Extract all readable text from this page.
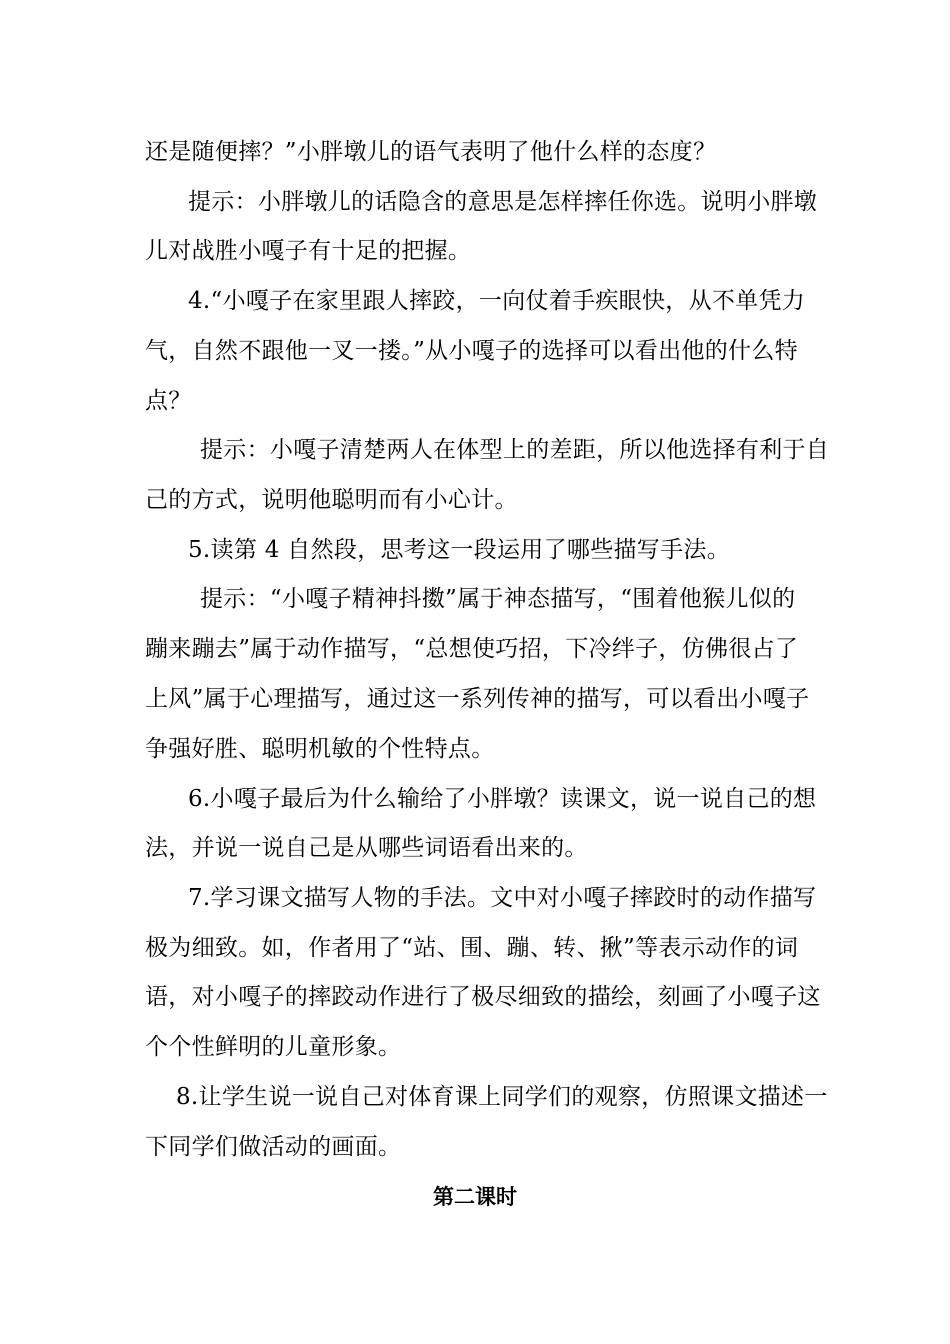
还是随便摔？”小胖墩儿的语气表明了他什么样的态度？
提示：小胖墩儿的话隐含的意思是怎样摔任你选。说明小胖墩
儿对战胜小嘎子有十足的把握。
4.“小嘎子在家里跟人摔跤，一向仗着手疾眼快，从不单凭力
气，自然不跟他一叉一搂。”从小嘎子的选择可以看出他的什么特
点？
提示：小嘎子清楚两人在体型上的差距，所以他选择有利于自
己的方式，说明他聪明而有小心计。
5.读第 4 自然段，思考这一段运用了哪些描写手法。
提示：“小嘎子精神抖擞”属于神态描写，“围着他猴儿似的
蹦来蹦去”属于动作描写，“总想使巧招，下冷绊子，仿佛很占了
上风”属于心理描写，通过这一系列传神的描写，可以看出小嘎子
争强好胜、聪明机敏的个性特点。
6.小嘎子最后为什么输给了小胖墩？读课文，说一说自己的想
法，并说一说自己是从哪些词语看出来的。
7.学习课文描写人物的手法。文中对小嘎子摔跤时的动作描写
极为细致。如，作者用了“站、围、蹦、转、揪”等表示动作的词
语，对小嘎子的摔跤动作进行了极尽细致的描绘，刻画了小嘎子这
个个性鲜明的儿童形象。
8.让学生说一说自己对体育课上同学们的观察，仿照课文描述一
下同学们做活动的画面。
第二课时
